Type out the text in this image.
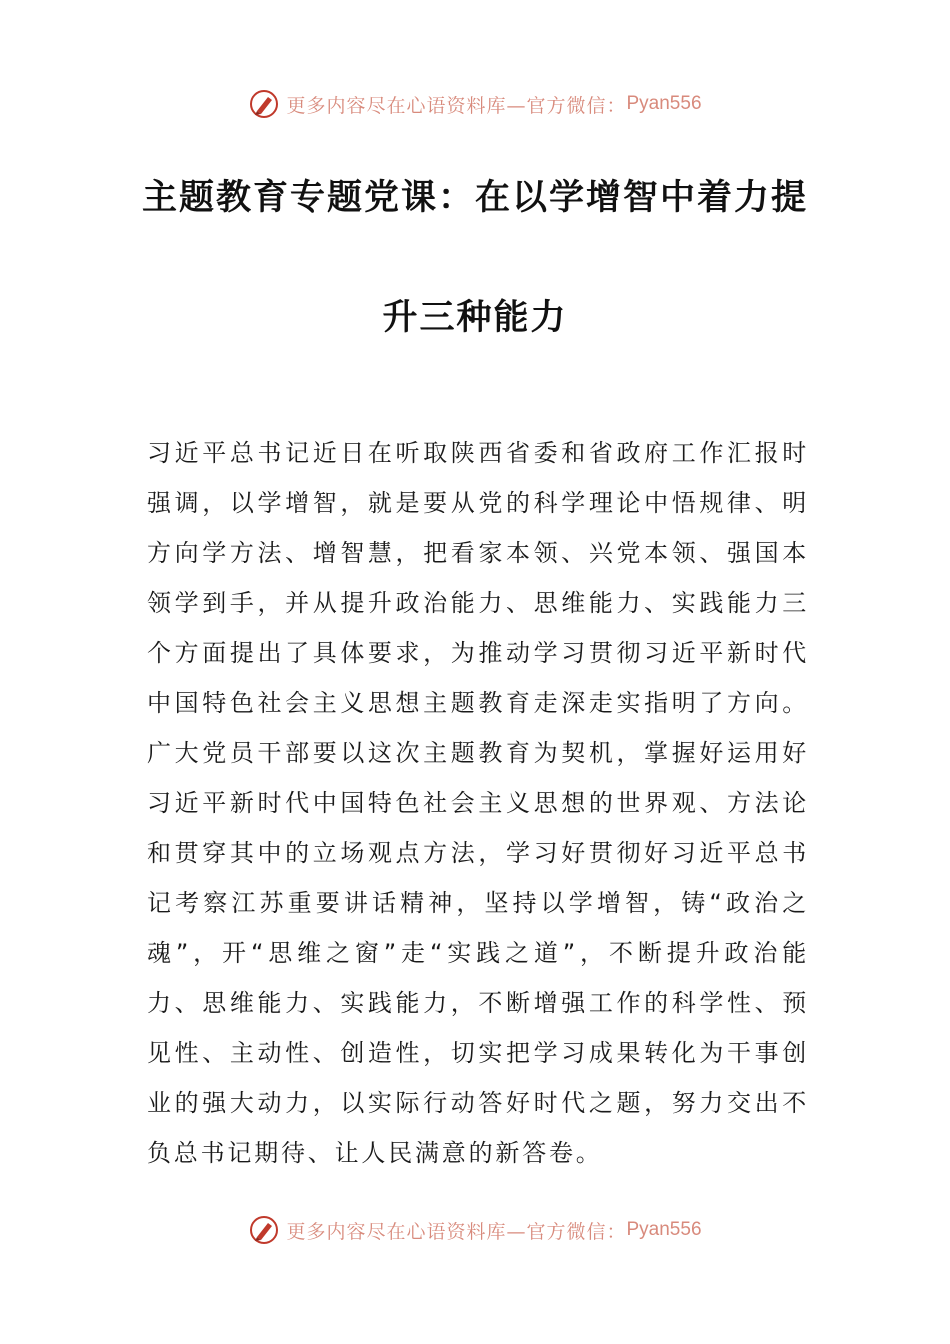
更多内容尽在心语资料库—官方微信： Pyan556
主题教育专题党课：在以学增智中着力提
升三种能力

习近平总书记近日在听取陕西省委和省政府工作汇报时强调，以学增智，就是要从党的科学理论中悟规律、明方向学方法、增智慧，把看家本领、兴党本领、强国本领学到手，并从提升政治能力、思维能力、实践能力三个方面提出了具体要求，为推动学习贯彻习近平新时代中国特色社会主义思想主题教育走深走实指明了方向。广大党员干部要以这次主题教育为契机，掌握好运用好习近平新时代中国特色社会主义思想的世界观、方法论和贯穿其中的立场观点方法，学习好贯彻好习近平总书记考察江苏重要讲话精神，坚持以学增智，铸“政治之魂”，开“思维之窗”走“实践之道”，不断提升政治能力、思维能力、实践能力，不断增强工作的科学性、预见性、主动性、创造性，切实把学习成果转化为干事创业的强大动力，以实际行动答好时代之题，努力交出不负总书记期待、让人民满意的新答卷。

更多内容尽在心语资料库—官方微信： Pyan556
